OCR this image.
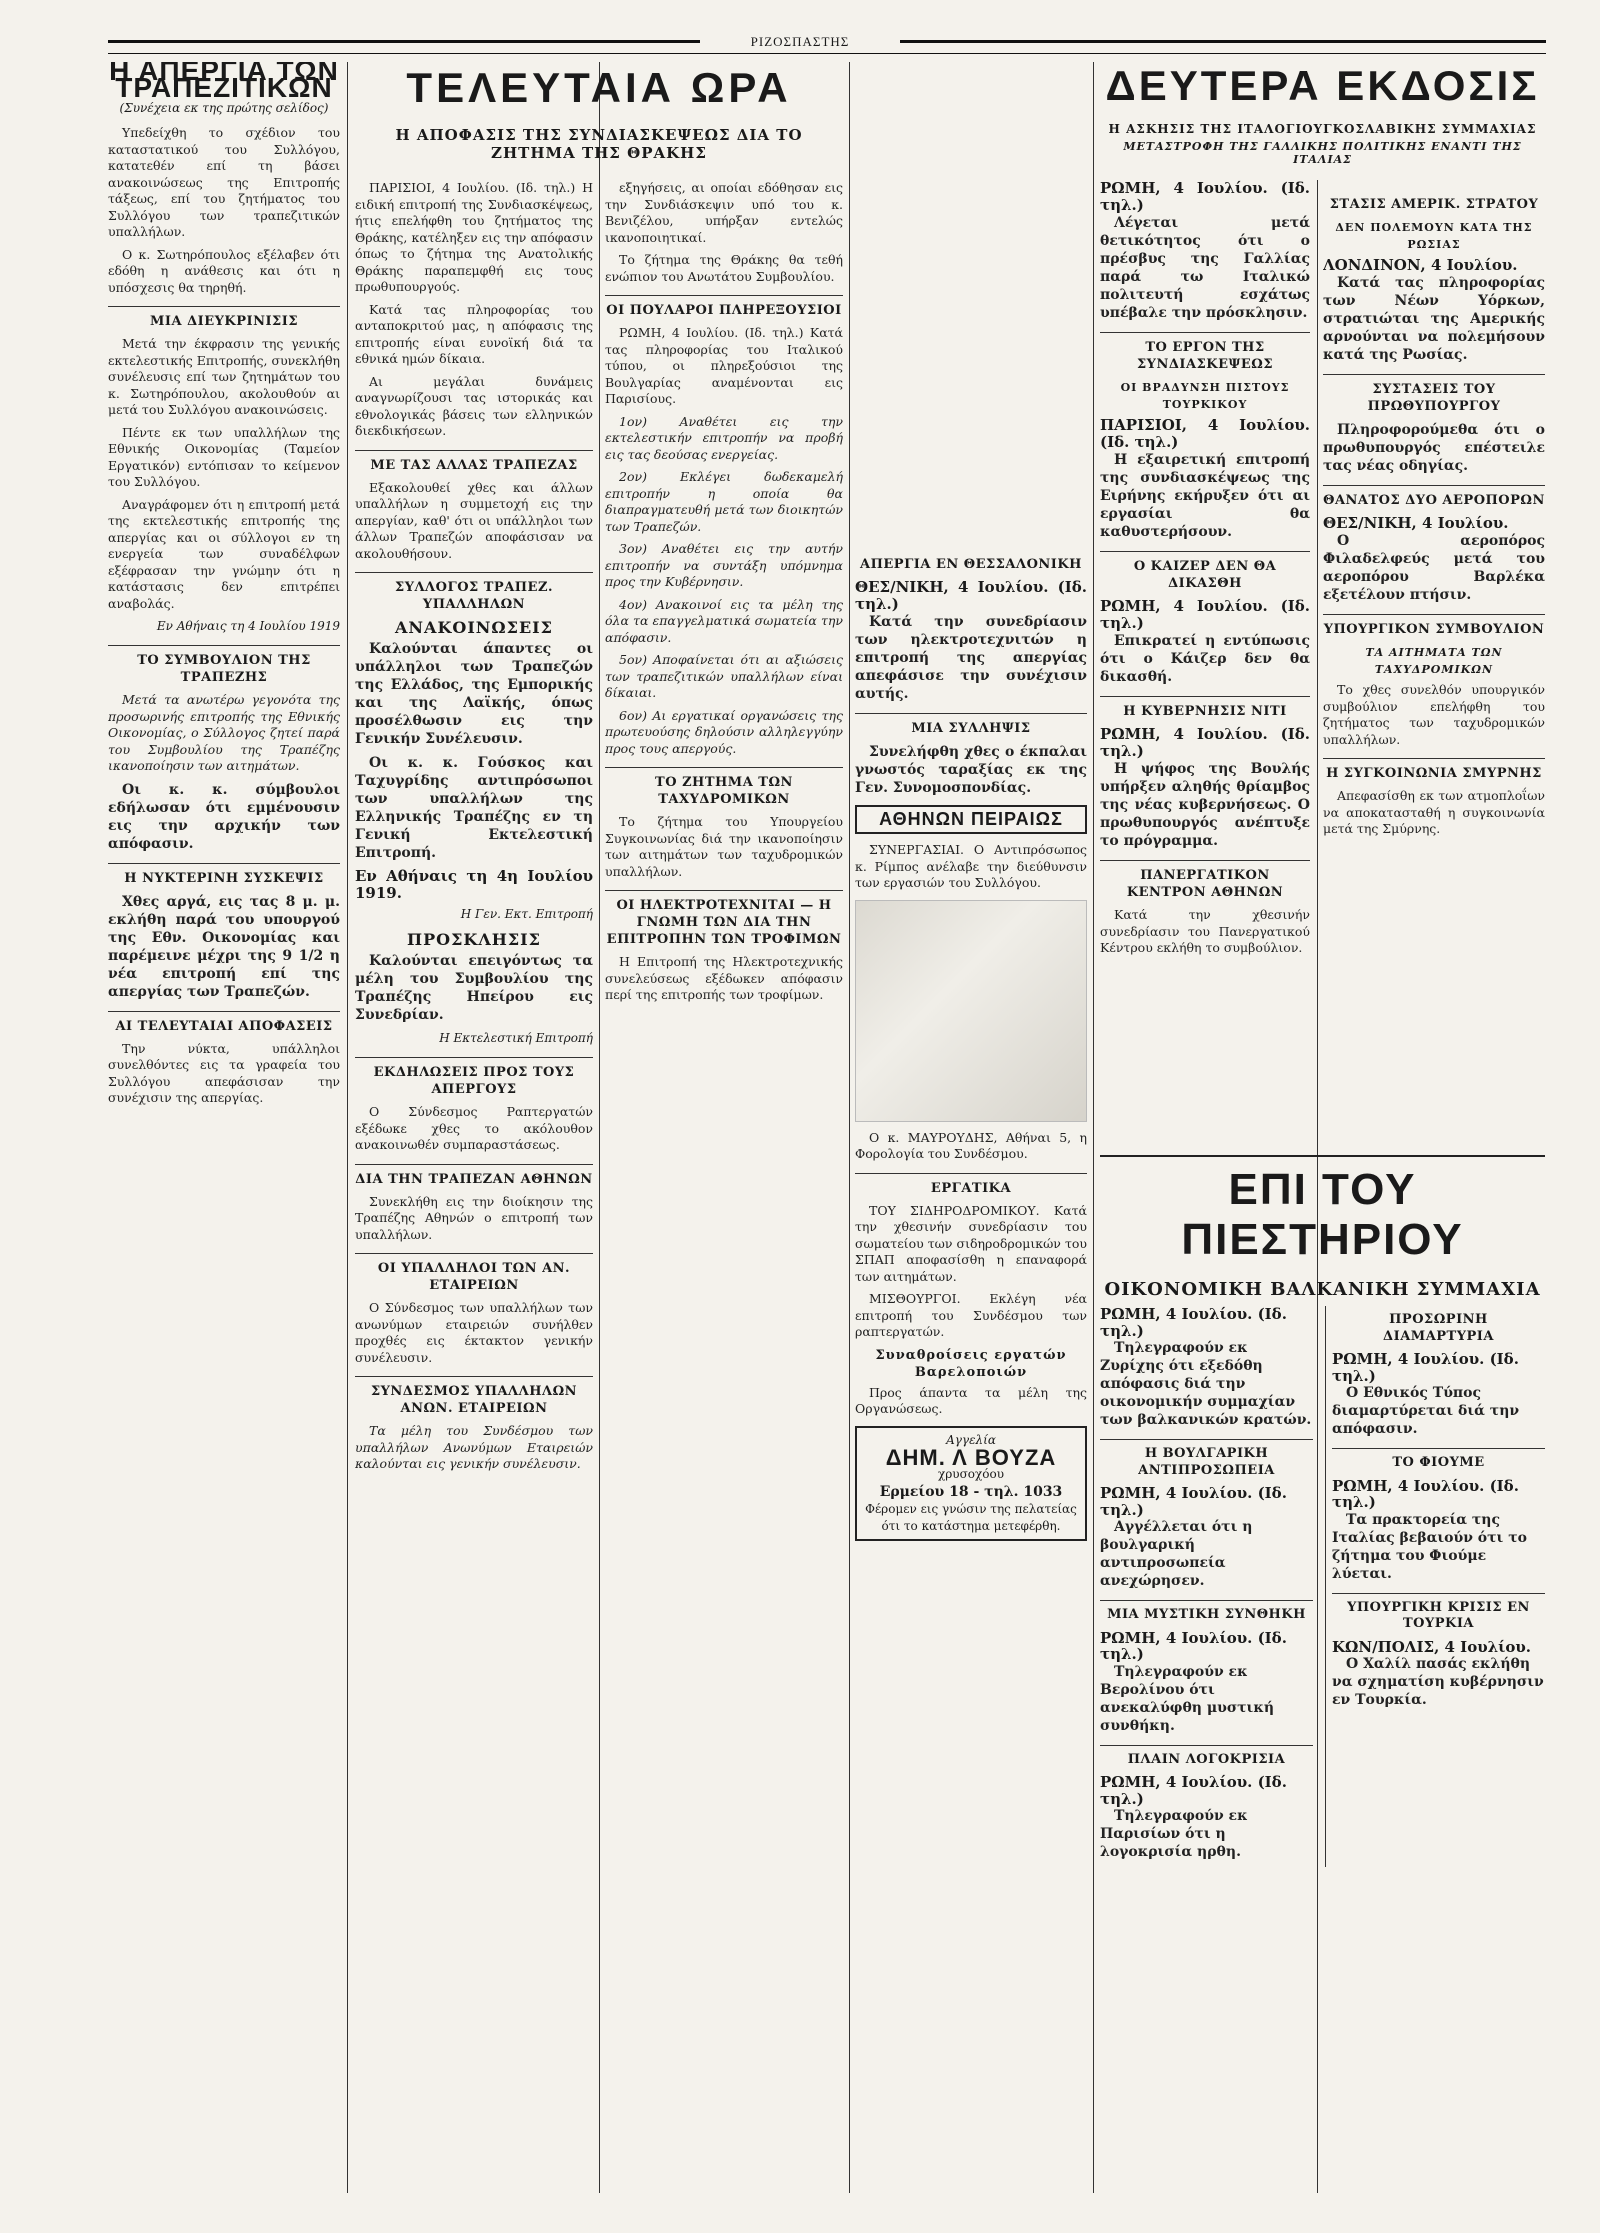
ΡΙΖΟΣΠΑΣΤΗΣ
ΤΕΛΕΥΤΑΙΑ ΩΡΑ
Η ΑΠΟΦΑΣΙΣ ΤΗΣ ΣΥΝΔΙΑΣΚΕΨΕΩΣ ΔΙΑ ΤΟ ΖΗΤΗΜΑ ΤΗΣ ΘΡΑΚΗΣ
ΔΕΥΤΕΡΑ ΕΚΔΟΣΙΣ
Η ΑΣΚΗΣΙΣ ΤΗΣ ΙΤΑΛΟΓΙΟΥΓΚΟΣΛΑΒΙΚΗΣ ΣΥΜΜΑΧΙΑΣ
ΜΕΤΑΣΤΡΟΦΗ ΤΗΣ ΓΑΛΛΙΚΗΣ ΠΟΛΙΤΙΚΗΣ ΕΝΑΝΤΙ ΤΗΣ ΙΤΑΛΙΑΣ
Η ΑΠΕΡΓΙΑ ΤΩΝ ΤΡΑΠΕΖΙΤΙΚΩΝ
(Συνέχεια εκ της πρώτης σελίδος)

Υπεδείχθη το σχέδιον του καταστατικού του Συλλόγου, κατατεθέν επί τη βάσει ανακοινώσεως της Επιτροπής τάξεως, επί του ζητήματος του Συλλόγου των τραπεζιτικών υπαλλήλων.

Ο κ. Σωτηρόπουλος εξέλαβεν ότι εδόθη η ανάθεσις και ότι η υπόσχεσις θα τηρηθή.

ΜΙΑ ΔΙΕΥΚΡΙΝΙΣΙΣ

Μετά την έκφρασιν της γενικής εκτελεστικής Επιτροπής, συνεκλήθη συνέλευσις επί των ζητημάτων του κ. Σωτηρόπουλου, ακολουθούν αι μετά του Συλλόγου ανακοινώσεις.

Πέντε εκ των υπαλλήλων της Εθνικής Οικονομίας (Ταμείον Εργατικόν) εντόπισαν το κείμενον του Συλλόγου.

Αναγράφομεν ότι η επιτροπή μετά της εκτελεστικής επιτροπής της απεργίας και οι σύλλογοι εν τη ενεργεία των συναδέλφων εξέφρασαν την γνώμην ότι η κατάστασις δεν επιτρέπει αναβολάς.

Εν Αθήναις τη 4 Ιουλίου 1919
ΤΟ ΣΥΜΒΟΥΛΙΟΝ ΤΗΣ ΤΡΑΠΕΖΗΣ

Μετά τα ανωτέρω γεγονότα της προσωρινής επιτροπής της Εθνικής Οικονομίας, ο Σύλλογος ζητεί παρά του Συμβουλίου της Τραπέζης ικανοποίησιν των αιτημάτων.

Οι κ. κ. σύμβουλοι εδήλωσαν ότι εμμένουσιν εις την αρχικήν των απόφασιν.

Η ΝΥΚΤΕΡΙΝΗ ΣΥΣΚΕΨΙΣ

Χθες αργά, εις τας 8 μ. μ. εκλήθη παρά του υπουργού της Εθν. Οικονομίας και παρέμεινε μέχρι της 9 1/2 η νέα επιτροπή επί της απεργίας των Τραπεζών.

ΑΙ ΤΕΛΕΥΤΑΙΑΙ ΑΠΟΦΑΣΕΙΣ

Την νύκτα, υπάλληλοι συνελθόντες εις τα γραφεία του Συλλόγου απεφάσισαν την συνέχισιν της απεργίας.

ΠΑΡΙΣΙΟΙ, 4 Ιουλίου. (Ιδ. τηλ.) Η ειδική επιτροπή της Συνδιασκέψεως, ήτις επελήφθη του ζητήματος της Θράκης, κατέληξεν εις την απόφασιν όπως το ζήτημα της Ανατολικής Θράκης παραπεμφθή εις τους πρωθυπουργούς.

Κατά τας πληροφορίας του ανταποκριτού μας, η απόφασις της επιτροπής είναι ευνοϊκή διά τα εθνικά ημών δίκαια.

Αι μεγάλαι δυνάμεις αναγνωρίζουσι τας ιστορικάς και εθνολογικάς βάσεις των ελληνικών διεκδικήσεων.

ΜΕ ΤΑΣ ΑΛΛΑΣ ΤΡΑΠΕΖΑΣ

Εξακολουθεί χθες και άλλων υπαλλήλων η συμμετοχή εις την απεργίαν, καθ' ότι οι υπάλληλοι των άλλων Τραπεζών αποφάσισαν να ακολουθήσουν.

ΣΥΛΛΟΓΟΣ ΤΡΑΠΕΖ. ΥΠΑΛΛΗΛΩΝ
ΑΝΑΚΟΙΝΩΣΕΙΣ

Καλούνται άπαντες οι υπάλληλοι των Τραπεζών της Ελλάδος, της Εμπορικής και της Λαϊκής, όπως προσέλθωσιν εις την Γενικήν Συνέλευσιν.

Οι κ. κ. Γούσκος και Ταχυγρίδης αντιπρόσωποι των υπαλλήλων της Ελληνικής Τραπέζης εν τη Γενική Εκτελεστική Επιτροπή.

Εν Αθήναις τη 4η Ιουλίου 1919.
Η Γεν. Εκτ. Επιτροπή
ΠΡΟΣΚΛΗΣΙΣ

Καλούνται επειγόντως τα μέλη του Συμβουλίου της Τραπέζης Ηπείρου εις Συνεδρίαν.

Η Εκτελεστική Επιτροπή
ΕΚΔΗΛΩΣΕΙΣ ΠΡΟΣ ΤΟΥΣ ΑΠΕΡΓΟΥΣ

Ο Σύνδεσμος Ραπτεργατών εξέδωκε χθες το ακόλουθον ανακοινωθέν συμπαραστάσεως.

ΔΙΑ ΤΗΝ ΤΡΑΠΕΖΑΝ ΑΘΗΝΩΝ

Συνεκλήθη εις την διοίκησιν της Τραπέζης Αθηνών ο επιτροπή των υπαλλήλων.

ΟΙ ΥΠΑΛΛΗΛΟΙ ΤΩΝ ΑΝ. ΕΤΑΙΡΕΙΩΝ

Ο Σύνδεσμος των υπαλλήλων των ανωνύμων εταιρειών συνήλθεν προχθές εις έκτακτον γενικήν συνέλευσιν.

ΣΥΝΔΕΣΜΟΣ ΥΠΑΛΛΗΛΩΝ ΑΝΩΝ. ΕΤΑΙΡΕΙΩΝ

Τα μέλη του Συνδέσμου των υπαλλήλων Ανωνύμων Εταιρειών καλούνται εις γενικήν συνέλευσιν.

εξηγήσεις, αι οποίαι εδόθησαν εις την Συνδιάσκεψιν υπό του κ. Βενιζέλου, υπήρξαν εντελώς ικανοποιητικαί.

Το ζήτημα της Θράκης θα τεθή ενώπιον του Ανωτάτου Συμβουλίου.

ΟΙ ΠΟΥΛΑΡΟΙ ΠΛΗΡΕΞΟΥΣΙΟΙ

ΡΩΜΗ, 4 Ιουλίου. (Ιδ. τηλ.) Κατά τας πληροφορίας του Ιταλικού τύπου, οι πληρεξούσιοι της Βουλγαρίας αναμένονται εις Παρισίους.

1ον) Αναθέτει εις την εκτελεστικήν επιτροπήν να προβή εις τας δεούσας ενεργείας.

2ον) Εκλέγει δωδεκαμελή επιτροπήν η οποία θα διαπραγματευθή μετά των διοικητών των Τραπεζών.

3ον) Αναθέτει εις την αυτήν επιτροπήν να συντάξη υπόμνημα προς την Κυβέρνησιν.

4ον) Ανακοινοί εις τα μέλη της όλα τα επαγγελματικά σωματεία την απόφασιν.

5ον) Αποφαίνεται ότι αι αξιώσεις των τραπεζιτικών υπαλλήλων είναι δίκαιαι.

6ον) Αι εργατικαί οργανώσεις της πρωτευούσης δηλούσιν αλληλεγγύην προς τους απεργούς.

ΤΟ ΖΗΤΗΜΑ ΤΩΝ ΤΑΧΥΔΡΟΜΙΚΩΝ

Το ζήτημα του Υπουργείου Συγκοινωνίας διά την ικανοποίησιν των αιτημάτων των ταχυδρομικών υπαλλήλων.

ΟΙ ΗΛΕΚΤΡΟΤΕΧΝΙΤΑΙ — Η ΓΝΩΜΗ ΤΩΝ ΔΙΑ ΤΗΝ ΕΠΙΤΡΟΠΗΝ ΤΩΝ ΤΡΟΦΙΜΩΝ

Η Επιτροπή της Ηλεκτροτεχνικής συνελεύσεως εξέδωκεν απόφασιν περί της επιτροπής των τροφίμων.

ΑΠΕΡΓΙΑ ΕΝ ΘΕΣΣΑΛΟΝΙΚΗ
ΘΕΣ/ΝΙΚΗ, 4 Ιουλίου. (Ιδ. τηλ.)

Κατά την συνεδρίασιν των ηλεκτροτεχνιτών η επιτροπή της απεργίας απεφάσισε την συνέχισιν αυτής.

ΜΙΑ ΣΥΛΛΗΨΙΣ

Συνελήφθη χθες ο έκπαλαι γνωστός ταραξίας εκ της Γεν. Συνομοσπονδίας.

ΑΘΗΝΩΝ ΠΕΙΡΑΙΩΣ

ΣΥΝΕΡΓΑΣΙΑΙ. Ο Αντιπρόσωπος κ. Ρίμπος ανέλαβε την διεύθυνσιν των εργασιών του Συλλόγου.

Ο κ. ΜΑΥΡΟΥΔΗΣ, Αθήναι 5, η Φορολογία του Συνδέσμου.

ΕΡΓΑΤΙΚΑ

ΤΟΥ ΣΙΔΗΡΟΔΡΟΜΙΚΟΥ. Κατά την χθεσινήν συνεδρίασιν του σωματείου των σιδηροδρομικών του ΣΠΑΠ αποφασίσθη η επαναφορά των αιτημάτων.

ΜΙΣΘΟΥΡΓΟΙ. Εκλέγη νέα επιτροπή του Συνδέσμου των ραπτεργατών.

Συναθροίσεις εργατών Βαρελοποιών

Προς άπαντα τα μέλη της Οργανώσεως.

Αγγελία
ΔΗΜ. Λ ΒΟΥΖΑ
χρυσοχόου
Ερμείου 18 - τηλ. 1033
Φέρομεν εις γνώσιν της πελατείας ότι το κατάστημα μετεφέρθη.
ΡΩΜΗ, 4 Ιουλίου. (Ιδ. τηλ.)

Λέγεται μετά θετικότητος ότι ο πρέσβυς της Γαλλίας παρά τω Ιταλικώ πολιτευτή εσχάτως υπέβαλε την πρόσκλησιν.

ΤΟ ΕΡΓΟΝ ΤΗΣ ΣΥΝΔΙΑΣΚΕΨΕΩΣ
ΟΙ ΒΡΑΔΥΝΣΗ ΠΙΣΤΟΥΣ ΤΟΥΡΚΙΚΟΥ
ΠΑΡΙΣΙΟΙ, 4 Ιουλίου. (Ιδ. τηλ.)

Η εξαιρετική επιτροπή της συνδιασκέψεως της Ειρήνης εκήρυξεν ότι αι εργασίαι θα καθυστερήσουν.

Ο ΚΑΙΖΕΡ ΔΕΝ ΘΑ ΔΙΚΑΣΘΗ
ΡΩΜΗ, 4 Ιουλίου. (Ιδ. τηλ.)

Επικρατεί η εντύπωσις ότι ο Κάιζερ δεν θα δικασθή.

Η ΚΥΒΕΡΝΗΣΙΣ ΝΙΤΙ
ΡΩΜΗ, 4 Ιουλίου. (Ιδ. τηλ.)

Η ψήφος της Βουλής υπήρξεν αληθής θρίαμβος της νέας κυβερνήσεως. Ο πρωθυπουργός ανέπτυξε το πρόγραμμα.

ΠΑΝΕΡΓΑΤΙΚΟΝ ΚΕΝΤΡΟΝ ΑΘΗΝΩΝ

Κατά την χθεσινήν συνεδρίασιν του Πανεργατικού Κέντρου εκλήθη το συμβούλιον.

ΣΤΑΣΙΣ ΑΜΕΡΙΚ. ΣΤΡΑΤΟΥ
ΔΕΝ ΠΟΛΕΜΟΥΝ ΚΑΤΑ ΤΗΣ ΡΩΣΙΑΣ
ΛΟΝΔΙΝΟΝ, 4 Ιουλίου.

Κατά τας πληροφορίας των Νέων Υόρκων, στρατιώται της Αμερικής αρνούνται να πολεμήσουν κατά της Ρωσίας.

ΣΥΣΤΑΣΕΙΣ ΤΟΥ ΠΡΩΘΥΠΟΥΡΓΟΥ

Πληροφορούμεθα ότι ο πρωθυπουργός επέστειλε τας νέας οδηγίας.

ΘΑΝΑΤΟΣ ΔΥΟ ΑΕΡΟΠΟΡΩΝ
ΘΕΣ/ΝΙΚΗ, 4 Ιουλίου.

Ο αεροπόρος Φιλαδελφεύς μετά του αεροπόρου Βαρλέκα εξετέλουν πτήσιν.

ΥΠΟΥΡΓΙΚΟΝ ΣΥΜΒΟΥΛΙΟΝ
ΤΑ ΑΙΤΗΜΑΤΑ ΤΩΝ ΤΑΧΥΔΡΟΜΙΚΩΝ

Το χθες συνελθόν υπουργικόν συμβούλιον επελήφθη του ζητήματος των ταχυδρομικών υπαλλήλων.

Η ΣΥΓΚΟΙΝΩΝΙΑ ΣΜΥΡΝΗΣ

Απεφασίσθη εκ των ατμοπλοΐων να αποκατασταθή η συγκοινωνία μετά της Σμύρνης.

ΕΠΙ ΤΟΥ ΠΙΕΣΤΗΡΙΟΥ
ΟΙΚΟΝΟΜΙΚΗ ΒΑΛΚΑΝΙΚΗ ΣΥΜΜΑΧΙΑ
ΡΩΜΗ, 4 Ιουλίου. (Ιδ. τηλ.)

Τηλεγραφούν εκ Ζυρίχης ότι εξεδόθη απόφασις διά την οικονομικήν συμμαχίαν των βαλκανικών κρατών.

Η ΒΟΥΛΓΑΡΙΚΗ ΑΝΤΙΠΡΟΣΩΠΕΙΑ
ΡΩΜΗ, 4 Ιουλίου. (Ιδ. τηλ.)

Αγγέλλεται ότι η βουλγαρική αντιπροσωπεία ανεχώρησεν.

ΜΙΑ ΜΥΣΤΙΚΗ ΣΥΝΘΗΚΗ
ΡΩΜΗ, 4 Ιουλίου. (Ιδ. τηλ.)

Τηλεγραφούν εκ Βερολίνου ότι ανεκαλύφθη μυστική συνθήκη.

ΠΛΑΙΝ ΛΟΓΟΚΡΙΣΙΑ
ΡΩΜΗ, 4 Ιουλίου. (Ιδ. τηλ.)

Τηλεγραφούν εκ Παρισίων ότι η λογοκρισία ηρθη.

ΠΡΟΣΩΡΙΝΗ ΔΙΑΜΑΡΤΥΡΙΑ
ΡΩΜΗ, 4 Ιουλίου. (Ιδ. τηλ.)

Ο Εθνικός Τύπος διαμαρτύρεται διά την απόφασιν.

ΤΟ ΦΙΟΥΜΕ
ΡΩΜΗ, 4 Ιουλίου. (Ιδ. τηλ.)

Τα πρακτορεία της Ιταλίας βεβαιούν ότι το ζήτημα του Φιούμε λύεται.

ΥΠΟΥΡΓΙΚΗ ΚΡΙΣΙΣ ΕΝ ΤΟΥΡΚΙΑ
ΚΩΝ/ΠΟΛΙΣ, 4 Ιουλίου.

Ο Χαλίλ πασάς εκλήθη να σχηματίση κυβέρνησιν εν Τουρκία.
